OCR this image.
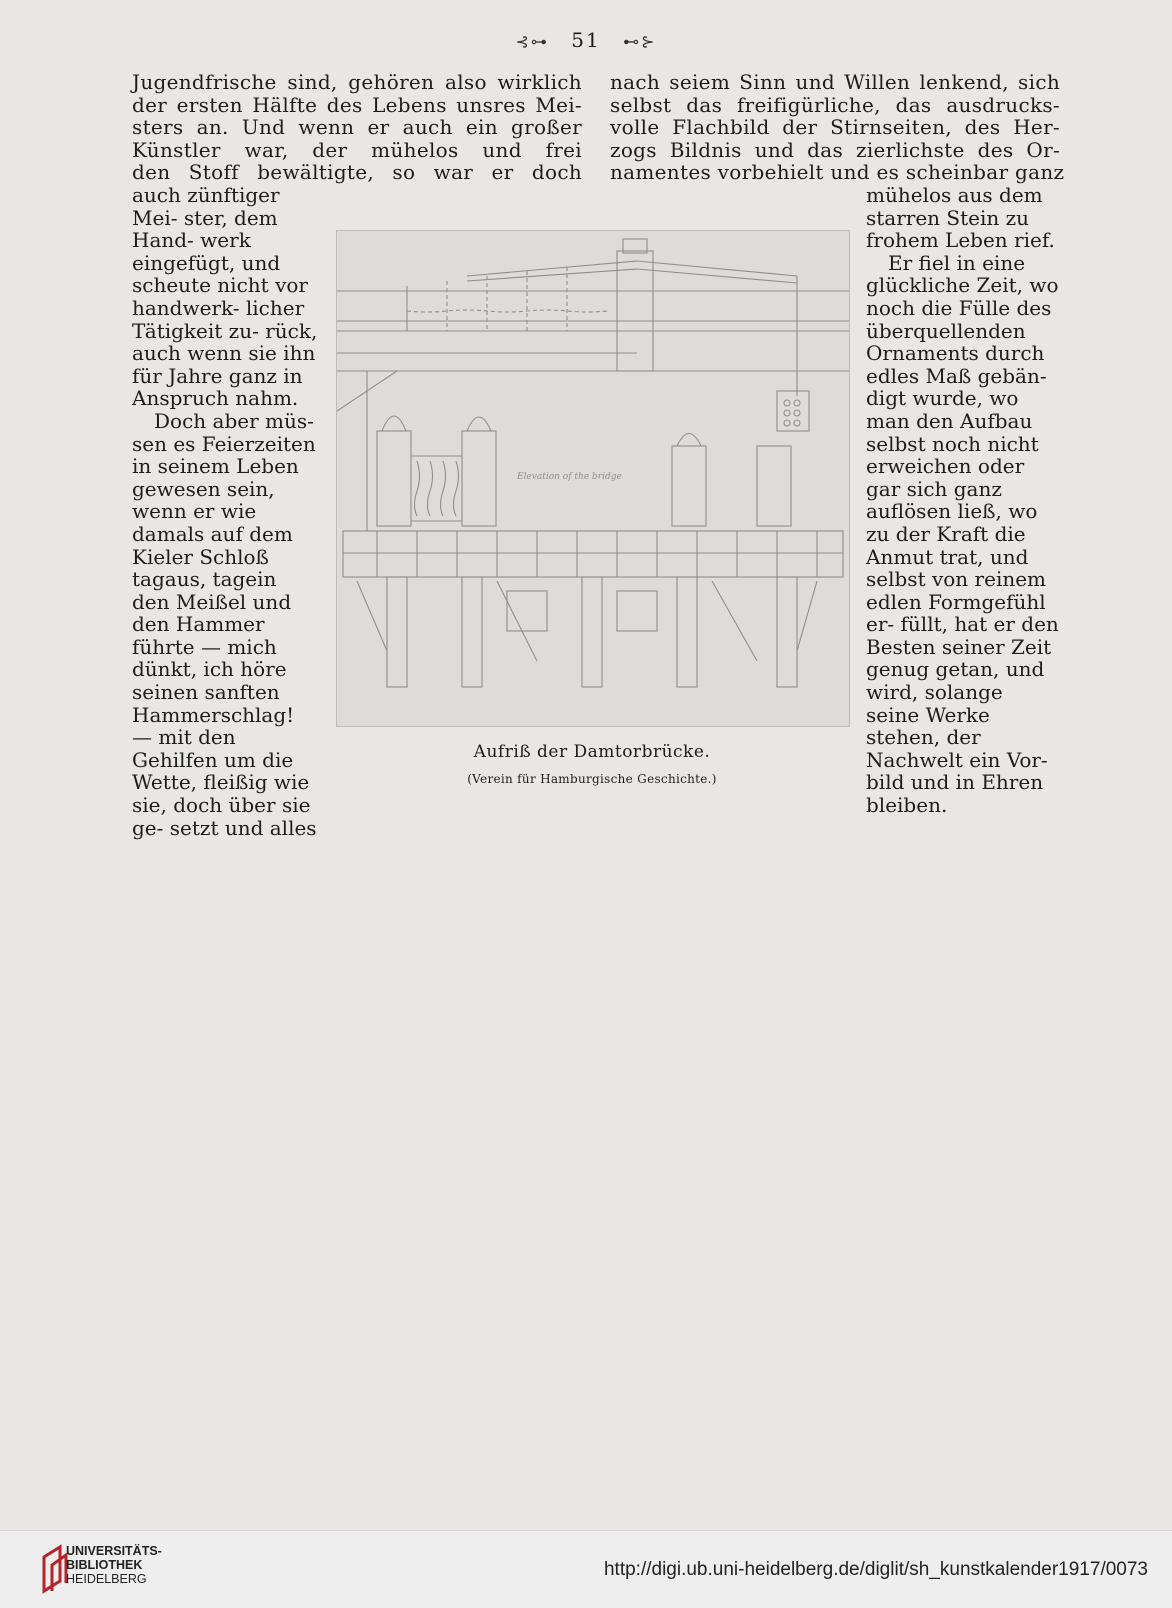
⊰⊶ 51 ⊷⊱
Jugendfrische sind, gehören also wirklich
der ersten Hälfte des Lebens unsres Mei-
sters an. Und wenn er auch ein großer
Künstler war, der mühelos und frei
den Stoff bewältigte, so war er doch
nach seiem Sinn und Willen lenkend, sich
selbst das freifigürliche, das ausdrucks-
volle Flachbild der Stirnseiten, des Her-
zogs Bildnis und das zierlichste des Or-
namentes vorbehielt und es scheinbar ganz
auch zünftiger Mei- ster, dem Hand- werk eingefügt, und scheute nicht vor handwerk- licher Tätigkeit zu- rück, auch wenn sie ihn für Jahre ganz in Anspruch nahm. Doch aber müs- sen es Feierzeiten in seinem Leben gewesen sein, wenn er wie damals auf dem Kieler Schloß tagaus, tagein den Meißel und den Hammer führte — mich dünkt, ich höre seinen sanften Hammerschlag! — mit den Gehilfen um die Wette, fleißig wie sie, doch über sie ge- setzt und alles
mühelos aus dem starren Stein zu frohem Leben rief. Er fiel in eine glückliche Zeit, wo noch die Fülle des überquellenden Ornaments durch edles Maß gebän- digt wurde, wo man den Aufbau selbst noch nicht erweichen oder gar sich ganz auflösen ließ, wo zu der Kraft die Anmut trat, und selbst von reinem edlen Formgefühl er- füllt, hat er den Besten seiner Zeit genug getan, und wird, solange seine Werke stehen, der Nachwelt ein Vor- bild und in Ehren bleiben.
Elevation of the bridge
Aufriß der Damtorbrücke.
(Verein für Hamburgische Geschichte.)
UNIVERSITÄTS-
BIBLIOTHEK
HEIDELBERG	http://digi.ub.uni-heidelberg.de/diglit/sh_kunstkalender1917/0073
